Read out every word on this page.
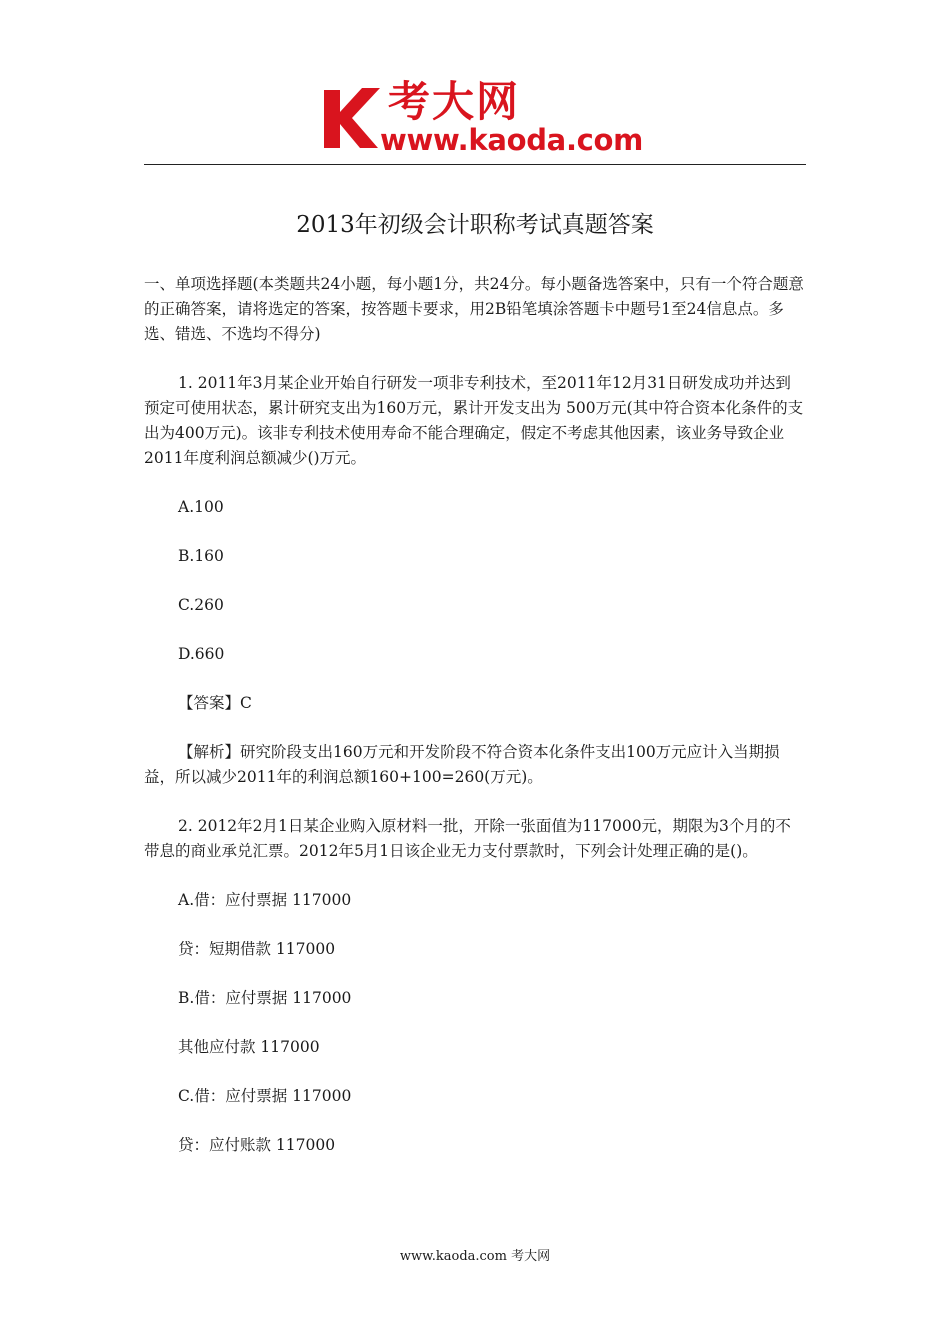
考大网
www.kaoda.com
2013年初级会计职称考试真题答案

一、单项选择题(本类题共24小题，每小题1分，共24分。每小题备选答案中，只有一个符合题意的正确答案，请将选定的答案，按答题卡要求，用2B铅笔填涂答题卡中题号1至24信息点。多选、错选、不选均不得分)

1. 2011年3月某企业开始自行研发一项非专利技术，至2011年12月31日研发成功并达到预定可使用状态，累计研究支出为160万元，累计开发支出为 500万元(其中符合资本化条件的支出为400万元)。该非专利技术使用寿命不能合理确定，假定不考虑其他因素，该业务导致企业2011年度利润总额减少()万元。

A.100

B.160

C.260

D.660

【答案】C

【解析】研究阶段支出160万元和开发阶段不符合资本化条件支出100万元应计入当期损益，所以减少2011年的利润总额160+100=260(万元)。

2. 2012年2月1日某企业购入原材料一批，开除一张面值为117000元，期限为3个月的不带息的商业承兑汇票。2012年5月1日该企业无力支付票款时，下列会计处理正确的是()。

A.借：应付票据 117000

贷：短期借款 117000

B.借：应付票据 117000

其他应付款 117000

C.借：应付票据 117000

贷：应付账款 117000

www.kaoda.com 考大网
